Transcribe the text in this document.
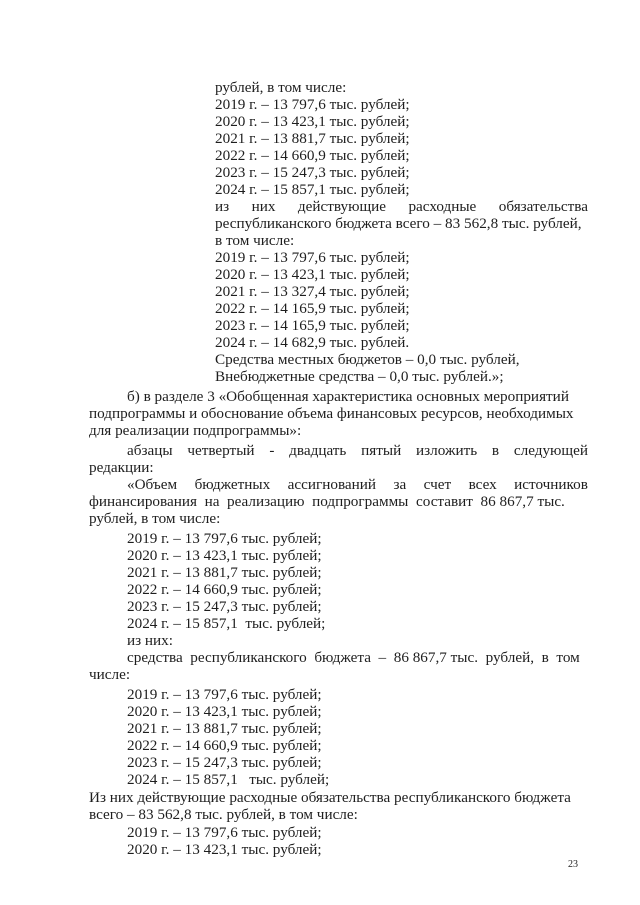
рублей, в том числе:
2019 г. – 13 797,6 тыс. рублей;
2020 г. – 13 423,1 тыс. рублей;
2021 г. – 13 881,7 тыс. рублей;
2022 г. – 14 660,9 тыс. рублей;
2023 г. – 15 247,3 тыс. рублей;
2024 г. – 15 857,1 тыс. рублей;
из них действующие расходные обязательства
республиканского бюджета всего – 83 562,8 тыс. рублей,
в том числе:
2019 г. – 13 797,6 тыс. рублей;
2020 г. – 13 423,1 тыс. рублей;
2021 г. – 13 327,4 тыс. рублей;
2022 г. – 14 165,9 тыс. рублей;
2023 г. – 14 165,9 тыс. рублей;
2024 г. – 14 682,9 тыс. рублей.
Средства местных бюджетов – 0,0 тыс. рублей,
Внебюджетные средства – 0,0 тыс. рублей.»;
б) в разделе 3 «Обобщенная характеристика основных мероприятий
подпрограммы и обоснование объема финансовых ресурсов, необходимых
для реализации подпрограммы»:
абзацы четвертый - двадцать пятый изложить в следующей
редакции:
«Объем бюджетных ассигнований за счет всех источников
финансирования  на  реализацию  подпрограммы  составит  86 867,7 тыс.
рублей, в том числе:
2019 г. – 13 797,6 тыс. рублей;
2020 г. – 13 423,1 тыс. рублей;
2021 г. – 13 881,7 тыс. рублей;
2022 г. – 14 660,9 тыс. рублей;
2023 г. – 15 247,3 тыс. рублей;
2024 г. – 15 857,1  тыс. рублей;
из них:
средства  республиканского  бюджета  –  86 867,7 тыс.  рублей,  в  том
числе:
2019 г. – 13 797,6 тыс. рублей;
2020 г. – 13 423,1 тыс. рублей;
2021 г. – 13 881,7 тыс. рублей;
2022 г. – 14 660,9 тыс. рублей;
2023 г. – 15 247,3 тыс. рублей;
2024 г. – 15 857,1   тыс. рублей;
Из них действующие расходные обязательства республиканского бюджета
всего – 83 562,8 тыс. рублей, в том числе:
2019 г. – 13 797,6 тыс. рублей;
2020 г. – 13 423,1 тыс. рублей;
23
